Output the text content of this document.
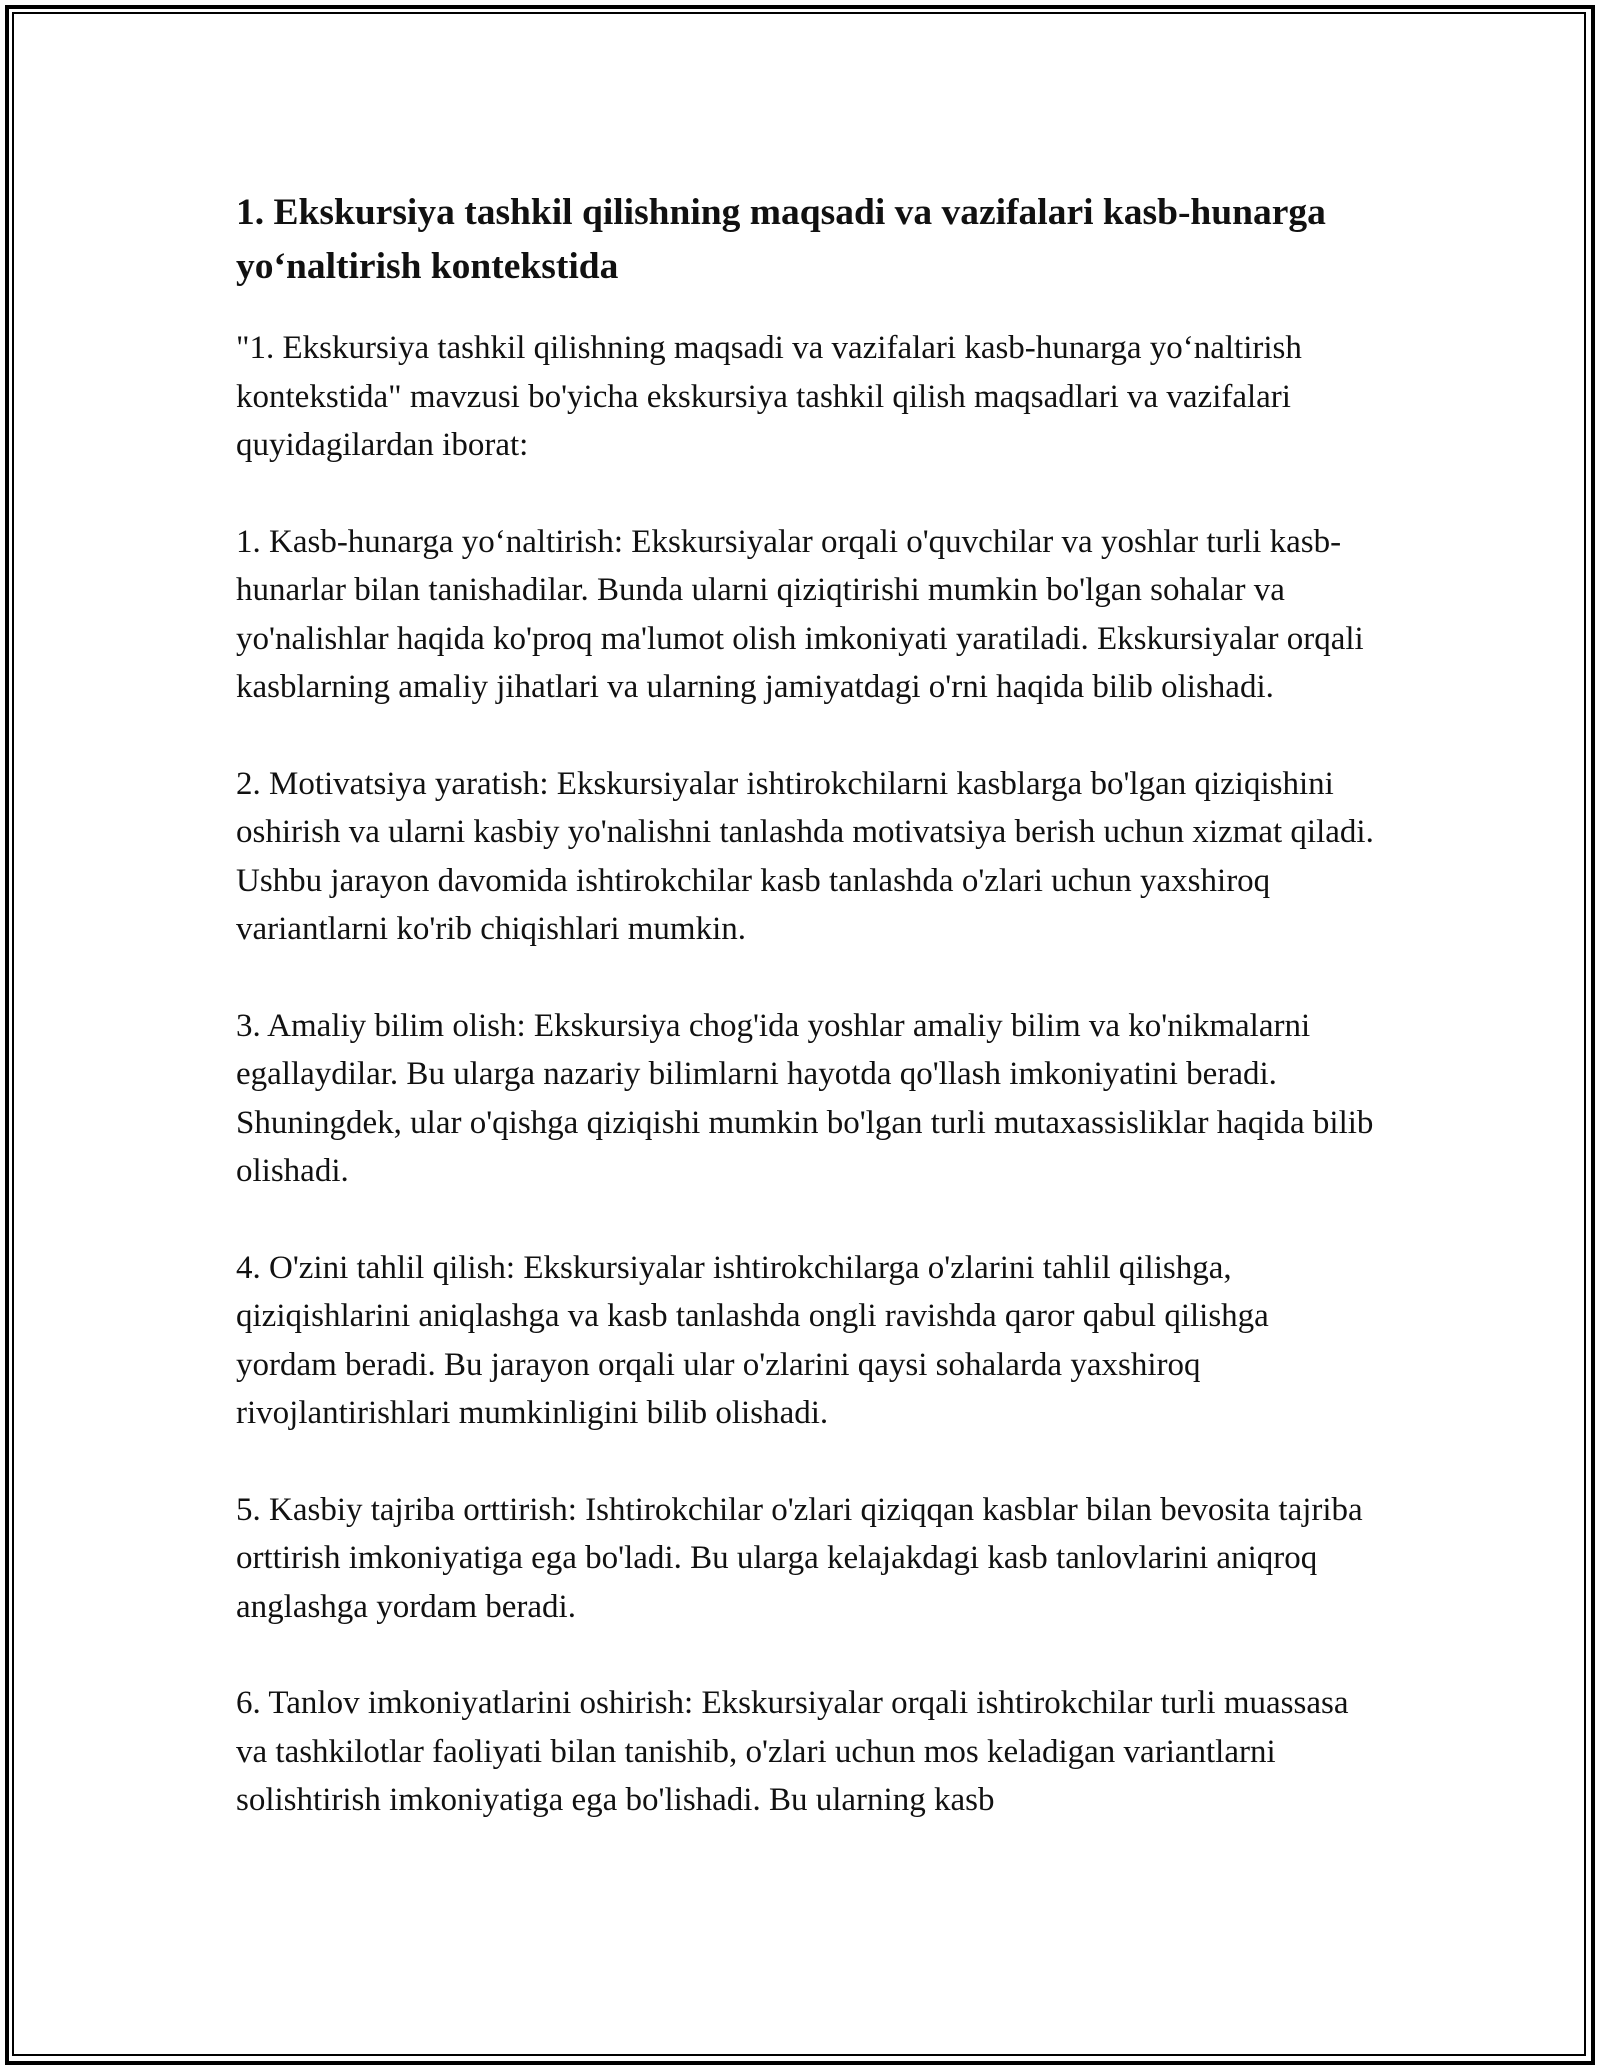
1. Ekskursiya tashkil qilishning maqsadi va vazifalari kasb-hunarga yo‘naltirish kontekstida

"1. Ekskursiya tashkil qilishning maqsadi va vazifalari kasb-hunarga yo‘naltirish kontekstida" mavzusi bo'yicha ekskursiya tashkil qilish maqsadlari va vazifalari quyidagilardan iborat:

1. Kasb-hunarga yo‘naltirish: Ekskursiyalar orqali o'quvchilar va yoshlar turli kasb-hunarlar bilan tanishadilar. Bunda ularni qiziqtirishi mumkin bo'lgan sohalar va yo'nalishlar haqida ko'proq ma'lumot olish imkoniyati yaratiladi. Ekskursiyalar orqali kasblarning amaliy jihatlari va ularning jamiyatdagi o'rni haqida bilib olishadi.

2. Motivatsiya yaratish: Ekskursiyalar ishtirokchilarni kasblarga bo'lgan qiziqishini oshirish va ularni kasbiy yo'nalishni tanlashda motivatsiya berish uchun xizmat qiladi. Ushbu jarayon davomida ishtirokchilar kasb tanlashda o'zlari uchun yaxshiroq variantlarni ko'rib chiqishlari mumkin.

3. Amaliy bilim olish: Ekskursiya chog'ida yoshlar amaliy bilim va ko'nikmalarni egallaydilar. Bu ularga nazariy bilimlarni hayotda qo'llash imkoniyatini beradi. Shuningdek, ular o'qishga qiziqishi mumkin bo'lgan turli mutaxassisliklar haqida bilib olishadi.

4. O'zini tahlil qilish: Ekskursiyalar ishtirokchilarga o'zlarini tahlil qilishga, qiziqishlarini aniqlashga va kasb tanlashda ongli ravishda qaror qabul qilishga yordam beradi. Bu jarayon orqali ular o'zlarini qaysi sohalarda yaxshiroq rivojlantirishlari mumkinligini bilib olishadi.

5. Kasbiy tajriba orttirish: Ishtirokchilar o'zlari qiziqqan kasblar bilan bevosita tajriba orttirish imkoniyatiga ega bo'ladi. Bu ularga kelajakdagi kasb tanlovlarini aniqroq anglashga yordam beradi.

6. Tanlov imkoniyatlarini oshirish: Ekskursiyalar orqali ishtirokchilar turli muassasa va tashkilotlar faoliyati bilan tanishib, o'zlari uchun mos keladigan variantlarni solishtirish imkoniyatiga ega bo'lishadi. Bu ularning kasb
